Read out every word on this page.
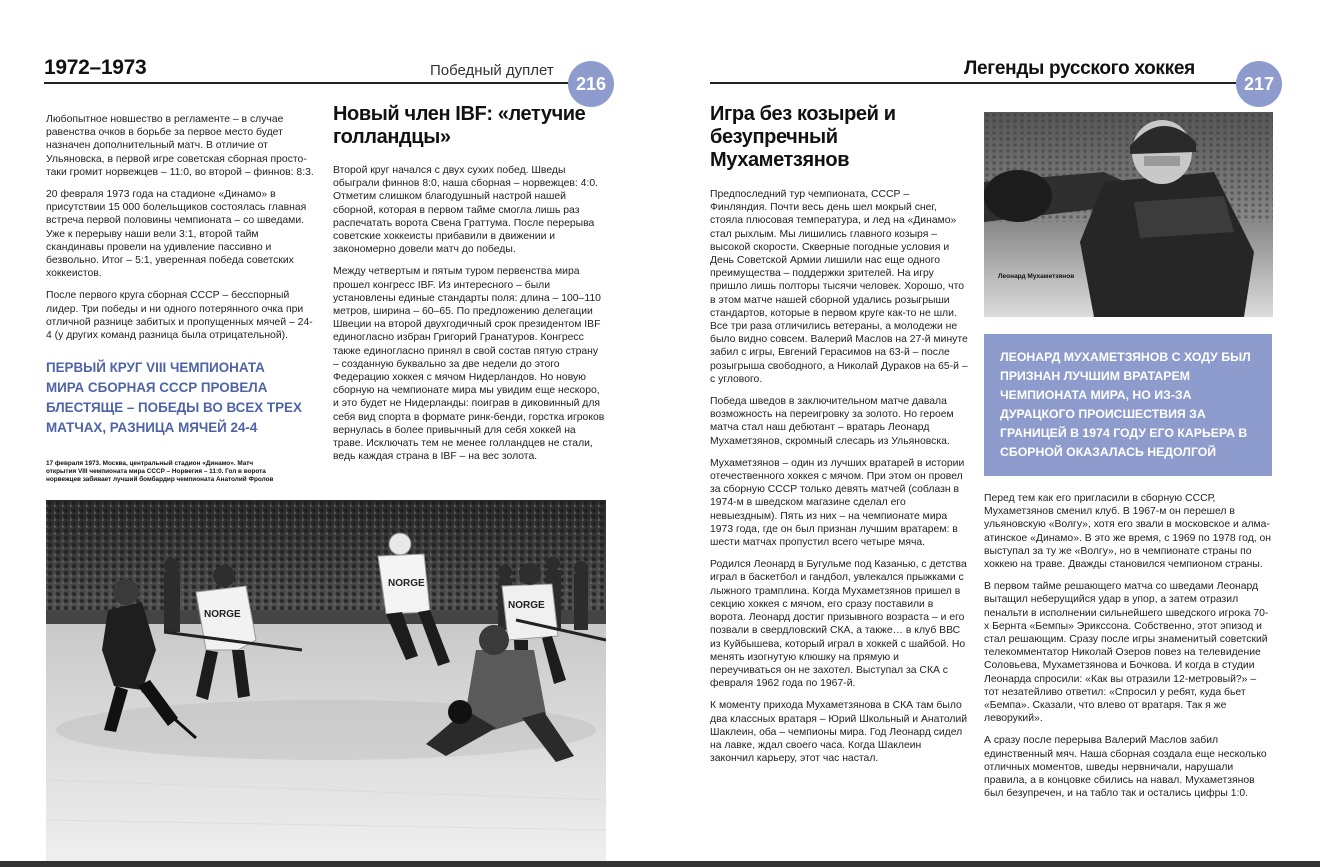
1972–1973	Победный дуплет
216

Любопытное новшество в регламенте – в случае равенства очков в борьбе за первое место будет назначен дополнительный матч. В отличие от Ульяновска, в первой игре советская сборная просто-таки громит норвежцев – 11:0, во второй – финнов: 8:3.

20 февраля 1973 года на стадионе «Динамо» в присутствии 15 000 болельщиков состоялась главная встреча первой половины чемпионата – со шведами. Уже к перерыву наши вели 3:1, второй тайм скандинавы провели на удивление пассивно и безвольно. Итог – 5:1, уверенная победа советских хоккеистов.

После первого круга сборная СССР – бесспорный лидер. Три победы и ни одного потерянного очка при отличной разнице забитых и пропущенных мячей – 24-4 (у других команд разница была отрицательной).

ПЕРВЫЙ КРУГ VIII ЧЕМПИОНАТА МИРА СБОРНАЯ СССР ПРОВЕЛА БЛЕСТЯЩЕ – ПОБЕДЫ ВО ВСЕХ ТРЕХ МАТЧАХ, РАЗНИЦА МЯЧЕЙ 24-4
17 февраля 1973. Москва, центральный стадион «Динамо». Матч открытия VIII чемпионата мира СССР – Норвегия – 11:0. Гол в ворота норвежцев забивает лучший бомбардир чемпионата Анатолий Фролов
Новый член IBF: «летучие голландцы»

Второй круг начался с двух сухих побед. Шведы обыграли финнов 8:0, наша сборная – норвежцев: 4:0. Отметим слишком благодушный настрой нашей сборной, которая в первом тайме смогла лишь раз распечатать ворота Свена Граттума. После перерыва советские хоккеисты прибавили в движении и закономерно довели матч до победы.

Между четвертым и пятым туром первенства мира прошел конгресс IBF. Из интересного – были установлены единые стандарты поля: длина – 100–110 метров, ширина – 60–65. По предложению делегации Швеции на второй двухгодичный срок президентом IBF единогласно избран Григорий Гранатуров. Конгресс также единогласно принял в свой состав пятую страну – созданную буквально за две недели до этого Федерацию хоккея с мячом Нидерландов. Но новую сборную на чемпионате мира мы увидим еще нескоро, и это будет не Нидерланды: поиграв в диковинный для себя вид спорта в формате ринк-бенди, горстка игроков вернулась в более привычный для себя хоккей на траве. Исключать тем не менее голландцев не стали, ведь каждая страна в IBF – на вес золота.

NORGE
NORGE
NORGE
Легенды русского хоккея
217
Игра без козырей и безупречный Мухаметзянов

Предпоследний тур чемпионата, СССР – Финляндия. Почти весь день шел мокрый снег, стояла плюсовая температура, и лед на «Динамо» стал рыхлым. Мы лишились главного козыря – высокой скорости. Скверные погодные условия и День Советской Армии лишили нас еще одного преимущества – поддержки зрителей. На игру пришло лишь полторы тысячи человек. Хорошо, что в этом матче нашей сборной удались розыгрыши стандартов, которые в первом круге как-то не шли. Все три раза отличились ветераны, а молодежи не было видно совсем. Валерий Маслов на 27-й минуте забил с игры, Евгений Герасимов на 63-й – после розыгрыша свободного, а Николай Дураков на 65-й – с углового.

Победа шведов в заключительном матче давала возможность на переигровку за золото. Но героем матча стал наш дебютант – вратарь Леонард Мухаметзянов, скромный слесарь из Ульяновска.

Мухаметзянов – один из лучших вратарей в истории отечественного хоккея с мячом. При этом он провел за сборную СССР только девять матчей (соблазн в 1974-м в шведском магазине сделал его невыездным). Пять из них – на чемпионате мира 1973 года, где он был признан лучшим вратарем: в шести матчах пропустил всего четыре мяча.

Родился Леонард в Бугульме под Казанью, с детства играл в баскетбол и гандбол, увлекался прыжками с лыжного трамплина. Когда Мухаметзянов пришел в секцию хоккея с мячом, его сразу поставили в ворота. Леонард достиг призывного возраста – и его позвали в свердловский СКА, а также… в клуб ВВС из Куйбышева, который играл в хоккей с шайбой. Но менять изогнутую клюшку на прямую и переучиваться он не захотел. Выступал за СКА с февраля 1962 года по 1967-й.

К моменту прихода Мухаметзянова в СКА там было два классных вратаря – Юрий Школьный и Анатолий Шаклеин, оба – чемпионы мира. Год Леонард сидел на лавке, ждал своего часа. Когда Шаклеин закончил карьеру, этот час настал.

Леонард Мухаметзянов
ЛЕОНАРД МУХАМЕТЗЯНОВ С ХОДУ БЫЛ ПРИЗНАН ЛУЧШИМ ВРАТАРЕМ ЧЕМПИОНАТА МИРА, НО ИЗ-ЗА ДУРАЦКОГО ПРОИСШЕСТВИЯ ЗА ГРАНИЦЕЙ В 1974 ГОДУ ЕГО КАРЬЕРА В СБОРНОЙ ОКАЗАЛАСЬ НЕДОЛГОЙ

Перед тем как его пригласили в сборную СССР, Мухаметзянов сменил клуб. В 1967-м он перешел в ульяновскую «Волгу», хотя его звали в московское и алма-атинское «Динамо». В это же время, с 1969 по 1978 год, он выступал за ту же «Волгу», но в чемпионате страны по хоккею на траве. Дважды становился чемпионом страны.

В первом тайме решающего матча со шведами Леонард вытащил неберущийся удар в упор, а затем отразил пенальти в исполнении сильнейшего шведского игрока 70-х Бернта «Бемпы» Эрикссона. Собственно, этот эпизод и стал решающим. Сразу после игры знаменитый советский телекомментатор Николай Озеров повез на телевидение Соловьева, Мухаметзянова и Бочкова. И когда в студии Леонарда спросили: «Как вы отразили 12-метровый?» – тот незатейливо ответил: «Спросил у ребят, куда бьет «Бемпа». Сказали, что влево от вратаря. Так я же леворукий».

А сразу после перерыва Валерий Маслов забил единственный мяч. Наша сборная создала еще несколько отличных моментов, шведы нервничали, нарушали правила, а в концовке сбились на навал. Мухаметзянов был безупречен, и на табло так и остались цифры 1:0.
